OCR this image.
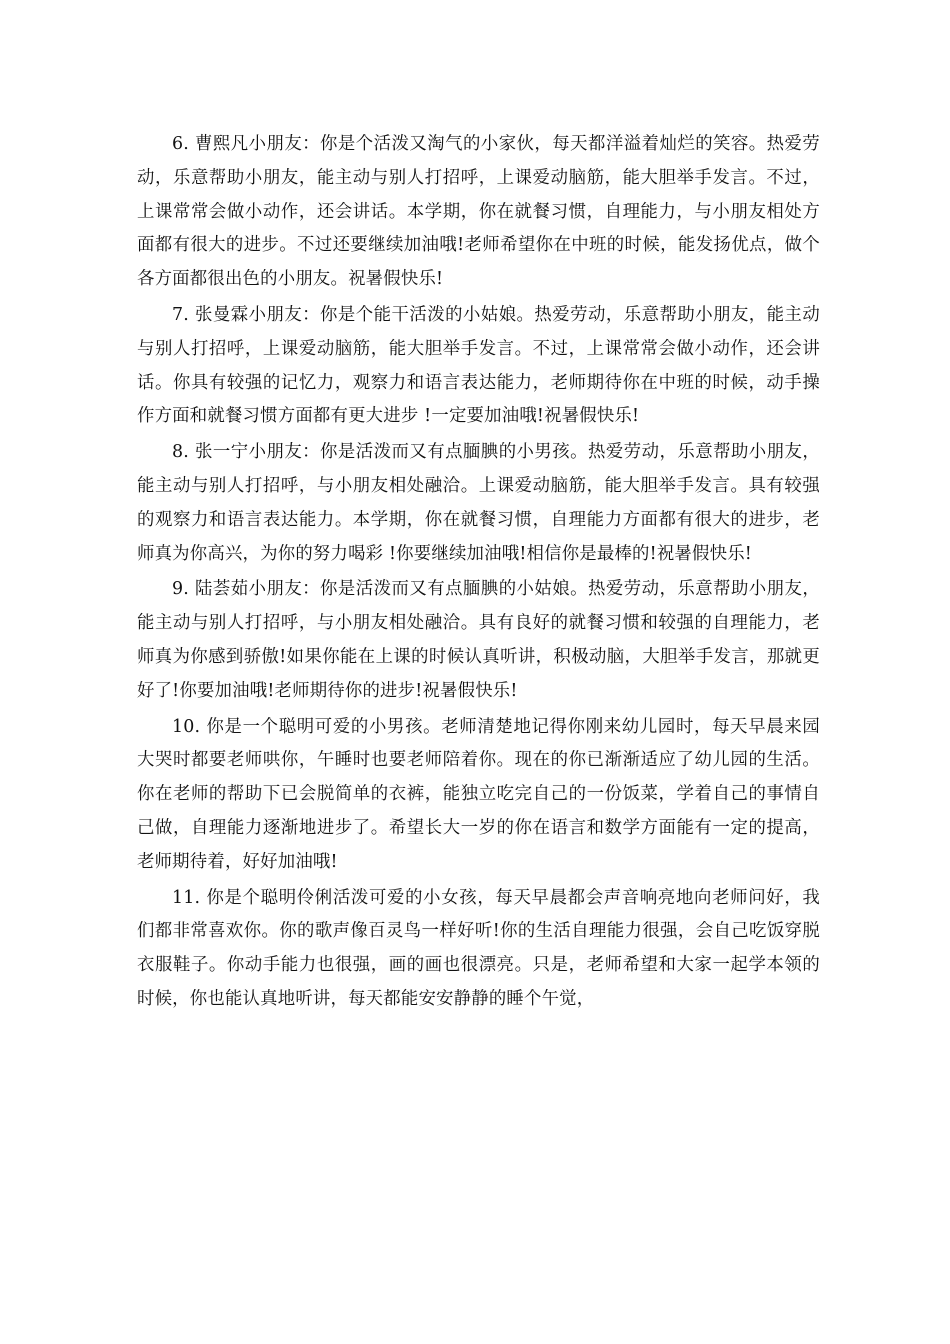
6. 曹熙凡小朋友：你是个活泼又淘气的小家伙，每天都洋溢着灿烂的笑容。热爱劳动，乐意帮助小朋友，能主动与别人打招呼，上课爱动脑筋，能大胆举手发言。不过，上课常常会做小动作，还会讲话。本学期，你在就餐习惯，自理能力，与小朋友相处方面都有很大的进步。不过还要继续加油哦!老师希望你在中班的时候，能发扬优点，做个各方面都很出色的小朋友。祝暑假快乐!

7. 张曼霖小朋友：你是个能干活泼的小姑娘。热爱劳动，乐意帮助小朋友，能主动与别人打招呼，上课爱动脑筋，能大胆举手发言。不过，上课常常会做小动作，还会讲话。你具有较强的记忆力，观察力和语言表达能力，老师期待你在中班的时候，动手操作方面和就餐习惯方面都有更大进步 !一定要加油哦!祝暑假快乐!

8. 张一宁小朋友：你是活泼而又有点腼腆的小男孩。热爱劳动，乐意帮助小朋友，能主动与别人打招呼，与小朋友相处融洽。上课爱动脑筋，能大胆举手发言。具有较强的观察力和语言表达能力。本学期，你在就餐习惯，自理能力方面都有很大的进步，老师真为你高兴，为你的努力喝彩 !你要继续加油哦!相信你是最棒的!祝暑假快乐!

9. 陆荟茹小朋友：你是活泼而又有点腼腆的小姑娘。热爱劳动，乐意帮助小朋友，能主动与别人打招呼，与小朋友相处融洽。具有良好的就餐习惯和较强的自理能力，老师真为你感到骄傲!如果你能在上课的时候认真听讲，积极动脑，大胆举手发言，那就更好了!你要加油哦!老师期待你的进步!祝暑假快乐!

10. 你是一个聪明可爱的小男孩。老师清楚地记得你刚来幼儿园时，每天早晨来园大哭时都要老师哄你，午睡时也要老师陪着你。现在的你已渐渐适应了幼儿园的生活。你在老师的帮助下已会脱简单的衣裤，能独立吃完自己的一份饭菜，学着自己的事情自己做，自理能力逐渐地进步了。希望长大一岁的你在语言和数学方面能有一定的提高，老师期待着，好好加油哦!

11. 你是个聪明伶俐活泼可爱的小女孩，每天早晨都会声音响亮地向老师问好，我们都非常喜欢你。你的歌声像百灵鸟一样好听!你的生活自理能力很强，会自己吃饭穿脱衣服鞋子。你动手能力也很强，画的画也很漂亮。只是，老师希望和大家一起学本领的时候，你也能认真地听讲，每天都能安安静静的睡个午觉，
